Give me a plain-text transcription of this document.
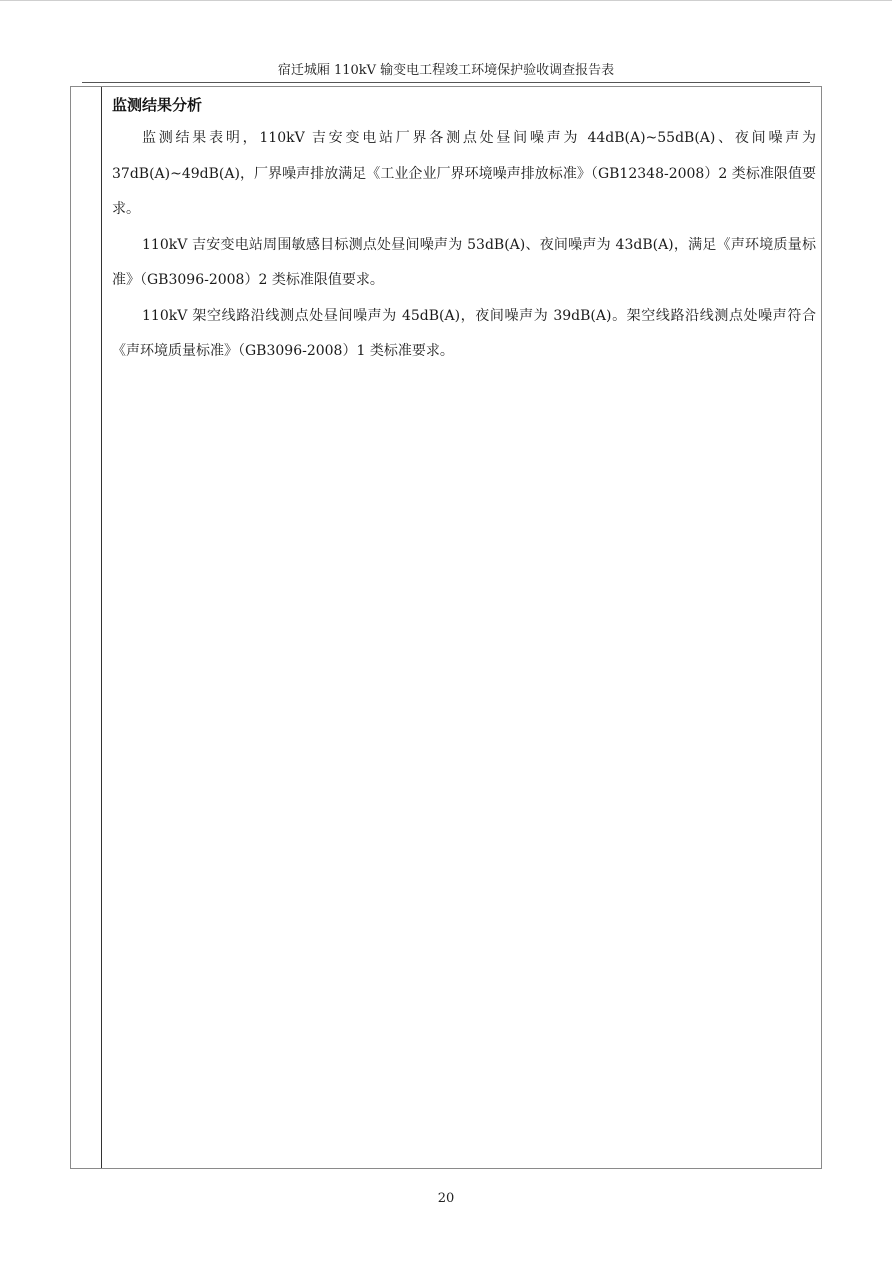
宿迁城厢 110kV 输变电工程竣工环境保护验收调查报告表
监测结果分析

监测结果表明，110kV 吉安变电站厂界各测点处昼间噪声为 44dB(A)~55dB(A)、夜间噪声为 37dB(A)~49dB(A)，厂界噪声排放满足《工业企业厂界环境噪声排放标准》（GB12348-2008）2 类标准限值要求。

110kV 吉安变电站周围敏感目标测点处昼间噪声为 53dB(A)、夜间噪声为 43dB(A)，满足《声环境质量标准》（GB3096-2008）2 类标准限值要求。

110kV 架空线路沿线测点处昼间噪声为 45dB(A)，夜间噪声为 39dB(A)。架空线路沿线测点处噪声符合《声环境质量标准》（GB3096-2008）1 类标准要求。

20
